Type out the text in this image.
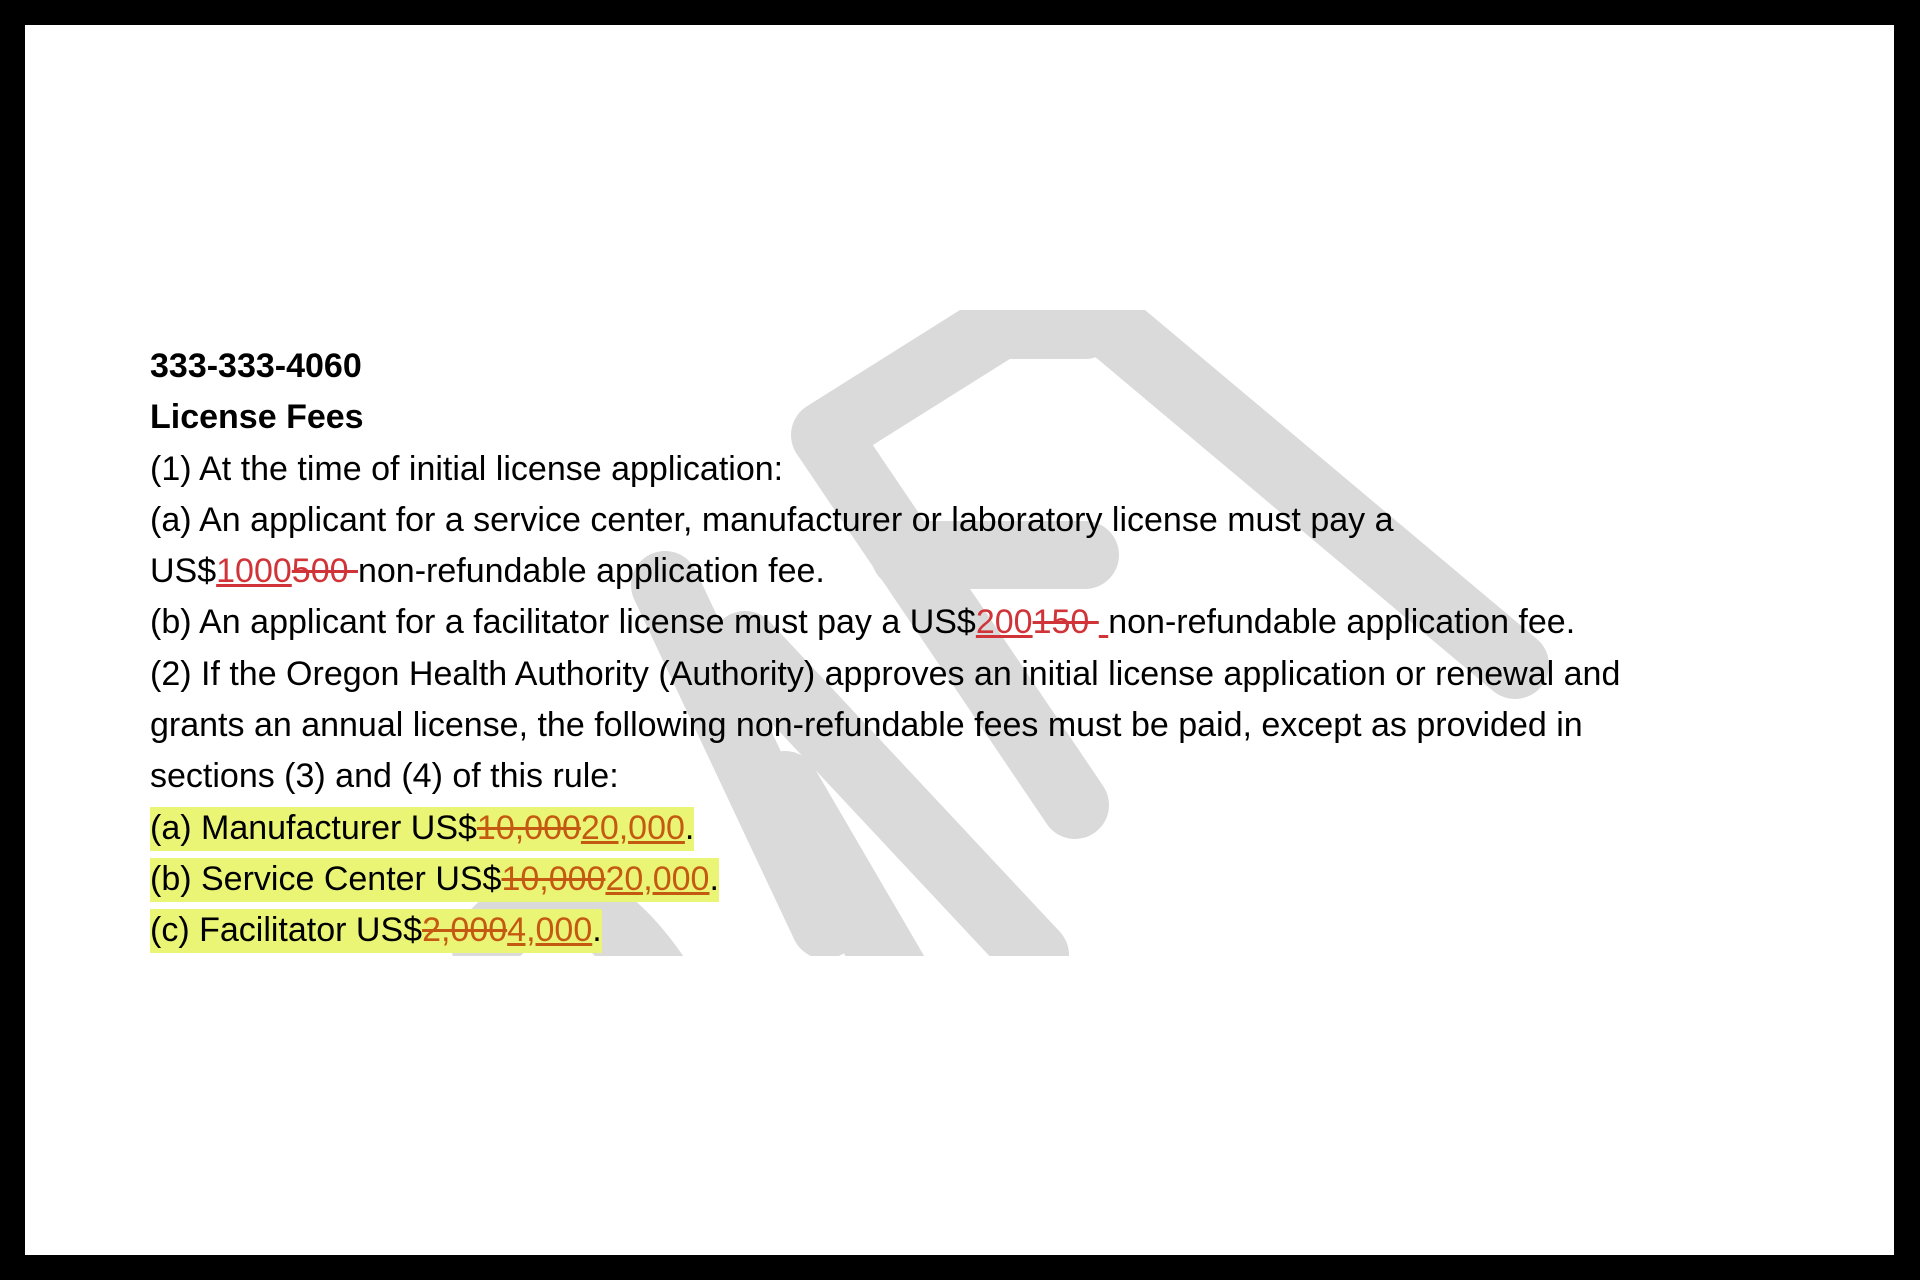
333-333-4060
License Fees
(1) At the time of initial license application:
(a) An applicant for a service center, manufacturer or laboratory license must pay a
US$1000500 non-refundable application fee.
(b) An applicant for a facilitator license must pay a US$200150  non-refundable application fee.
(2) If the Oregon Health Authority (Authority) approves an initial license application or renewal and
grants an annual license, the following non-refundable fees must be paid, except as provided in
sections (3) and (4) of this rule:
(a) Manufacturer US$10,00020,000.
(b) Service Center US$10,00020,000.
(c) Facilitator US$2,0004,000.
